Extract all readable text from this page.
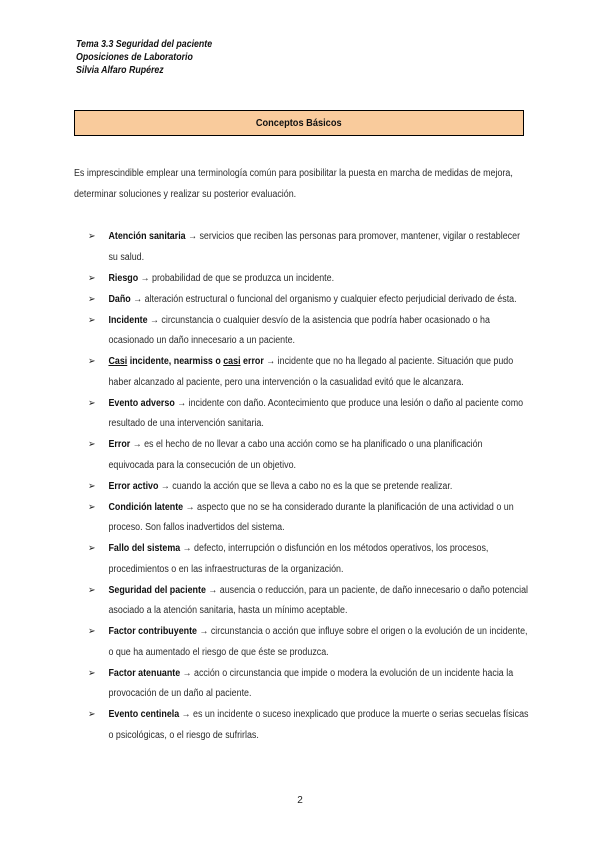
Tema 3.3 Seguridad del paciente
Oposiciones de Laboratorio
Silvia Alfaro Rupérez
Conceptos Básicos

Es imprescindible emplear una terminología común para posibilitar la puesta en marcha de medidas de mejora, determinar soluciones y realizar su posterior evaluación.

➢ Atención sanitaria → servicios que reciben las personas para promover, mantener, vigilar o restablecer su salud.
➢ Riesgo → probabilidad de que se produzca un incidente.
➢ Daño → alteración estructural o funcional del organismo y cualquier efecto perjudicial derivado de ésta.
➢ Incidente → circunstancia o cualquier desvío de la asistencia que podría haber ocasionado o ha ocasionado un daño innecesario a un paciente.
➢ Casi incidente, nearmiss o casi error → incidente que no ha llegado al paciente. Situación que pudo haber alcanzado al paciente, pero una intervención o la casualidad evitó que le alcanzara.
➢ Evento adverso → incidente con daño. Acontecimiento que produce una lesión o daño al paciente como resultado de una intervención sanitaria.
➢ Error → es el hecho de no llevar a cabo una acción como se ha planificado o una planificación equivocada para la consecución de un objetivo.
➢ Error activo → cuando la acción que se lleva a cabo no es la que se pretende realizar.
➢ Condición latente → aspecto que no se ha considerado durante la planificación de una actividad o un proceso. Son fallos inadvertidos del sistema.
➢ Fallo del sistema → defecto, interrupción o disfunción en los métodos operativos, los procesos, procedimientos o en las infraestructuras de la organización.
➢ Seguridad del paciente → ausencia o reducción, para un paciente, de daño innecesario o daño potencial asociado a la atención sanitaria, hasta un mínimo aceptable.
➢ Factor contribuyente → circunstancia o acción que influye sobre el origen o la evolución de un incidente, o que ha aumentado el riesgo de que éste se produzca.
➢ Factor atenuante → acción o circunstancia que impide o modera la evolución de un incidente hacia la provocación de un daño al paciente.
➢ Evento centinela → es un incidente o suceso inexplicado que produce la muerte o serias secuelas físicas o psicológicas, o el riesgo de sufrirlas.
2
